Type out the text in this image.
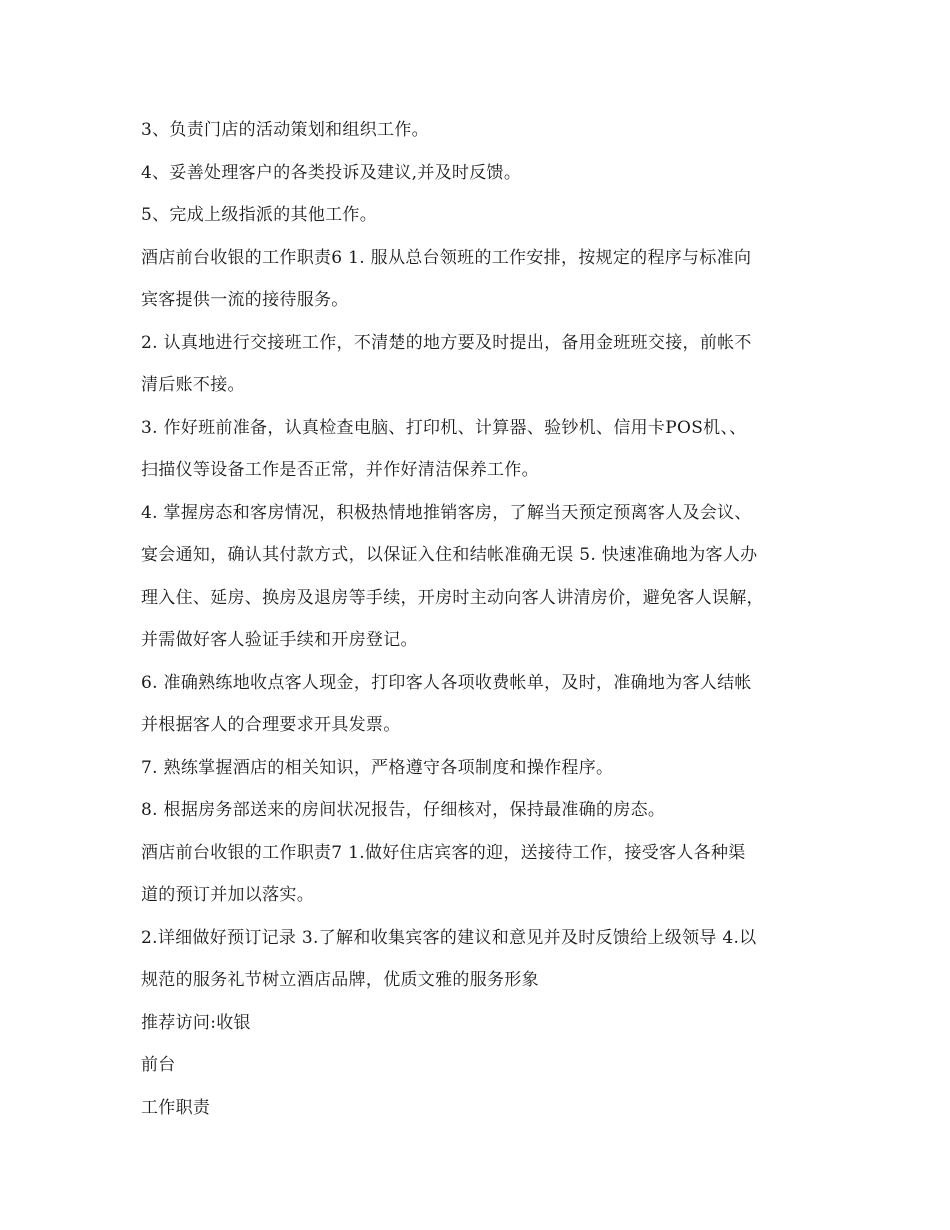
3、负责门店的活动策划和组织工作。
4、妥善处理客户的各类投诉及建议,并及时反馈。
5、完成上级指派的其他工作。
酒店前台收银的工作职责6 1. 服从总台领班的工作安排，按规定的程序与标准向
宾客提供一流的接待服务。
2. 认真地进行交接班工作，不清楚的地方要及时提出，备用金班班交接，前帐不
清后账不接。
3. 作好班前准备，认真检查电脑、打印机、计算器、验钞机、信用卡POS机、、
扫描仪等设备工作是否正常，并作好清洁保养工作。
4. 掌握房态和客房情况，积极热情地推销客房，了解当天预定预离客人及会议、
宴会通知，确认其付款方式，以保证入住和结帐准确无误 5. 快速准确地为客人办
理入住、延房、换房及退房等手续，开房时主动向客人讲清房价，避免客人误解，
并需做好客人验证手续和开房登记。
6. 准确熟练地收点客人现金，打印客人各项收费帐单，及时，准确地为客人结帐
并根据客人的合理要求开具发票。
7. 熟练掌握酒店的相关知识，严格遵守各项制度和操作程序。
8. 根据房务部送来的房间状况报告，仔细核对，保持最准确的房态。
酒店前台收银的工作职责7 1.做好住店宾客的迎，送接待工作，接受客人各种渠
道的预订并加以落实。
2.详细做好预订记录 3.了解和收集宾客的建议和意见并及时反馈给上级领导 4.以
规范的服务礼节树立酒店品牌，优质文雅的服务形象
推荐访问:收银
前台
工作职责
